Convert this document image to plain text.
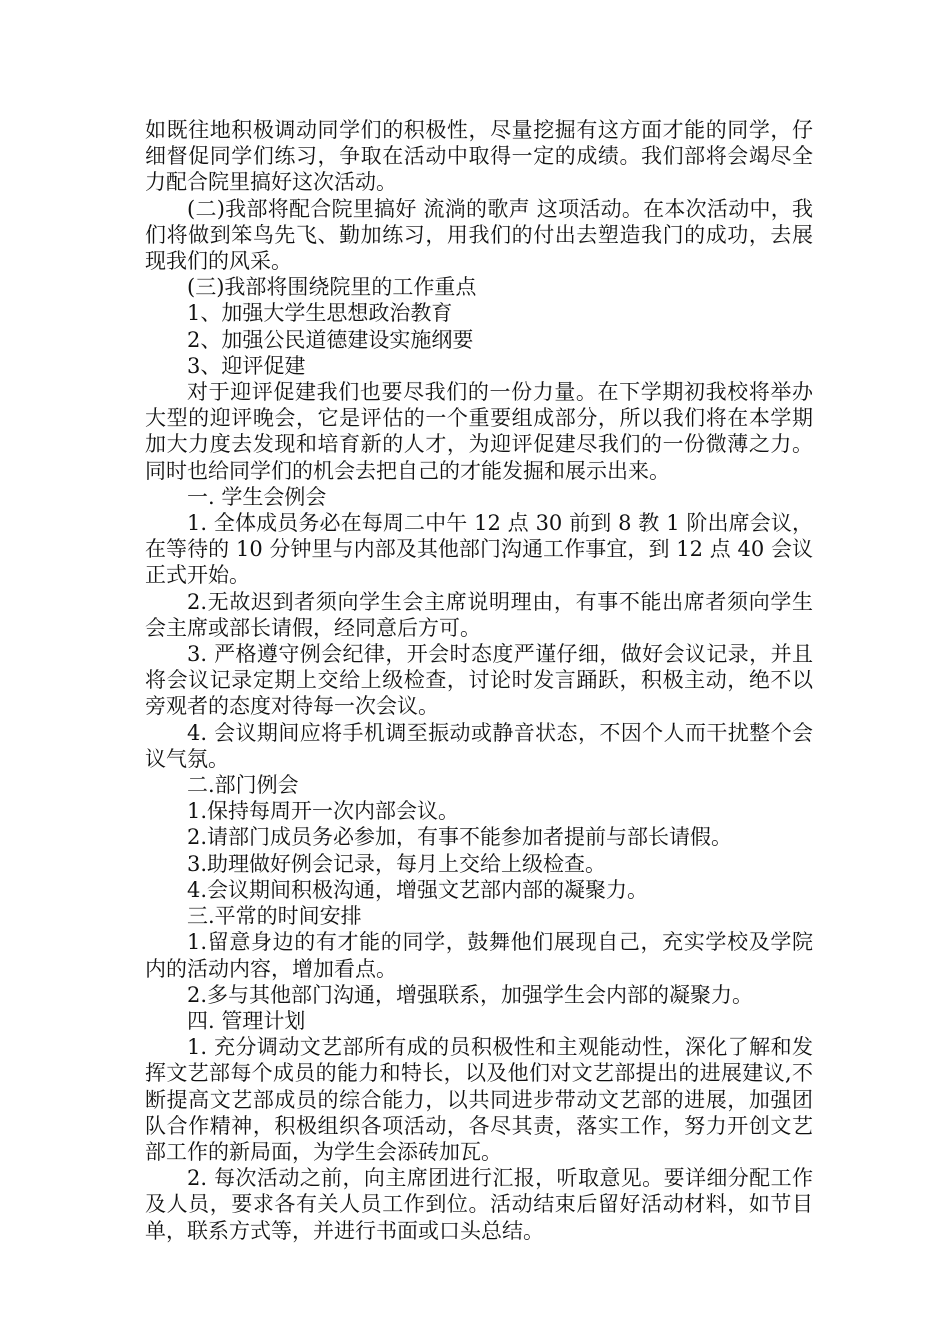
如既往地积极调动同学们的积极性，尽量挖掘有这方面才能的同学，仔细督促同学们练习，争取在活动中取得一定的成绩。我们部将会竭尽全力配合院里搞好这次活动。

(二)我部将配合院里搞好 流淌的歌声 这项活动。在本次活动中，我们将做到笨鸟先飞、勤加练习，用我们的付出去塑造我门的成功，去展现我们的风采。

(三)我部将围绕院里的工作重点

1、加强大学生思想政治教育

2、加强公民道德建设实施纲要

3、迎评促建

对于迎评促建我们也要尽我们的一份力量。在下学期初我校将举办大型的迎评晚会，它是评估的一个重要组成部分，所以我们将在本学期加大力度去发现和培育新的人才，为迎评促建尽我们的一份微薄之力。同时也给同学们的机会去把自己的才能发掘和展示出来。

一. 学生会例会

1. 全体成员务必在每周二中午 12 点 30 前到 8 教 1 阶出席会议，在等待的 10 分钟里与内部及其他部门沟通工作事宜，到 12 点 40 会议正式开始。

2.无故迟到者须向学生会主席说明理由，有事不能出席者须向学生会主席或部长请假，经同意后方可。

3. 严格遵守例会纪律，开会时态度严谨仔细，做好会议记录，并且将会议记录定期上交给上级检查，讨论时发言踊跃，积极主动，绝不以旁观者的态度对待每一次会议。

4. 会议期间应将手机调至振动或静音状态，不因个人而干扰整个会议气氛。

二.部门例会

1.保持每周开一次内部会议。

2.请部门成员务必参加，有事不能参加者提前与部长请假。

3.助理做好例会记录，每月上交给上级检查。

4.会议期间积极沟通，增强文艺部内部的凝聚力。

三.平常的时间安排

1.留意身边的有才能的同学，鼓舞他们展现自己，充实学校及学院内的活动内容，增加看点。

2.多与其他部门沟通，增强联系，加强学生会内部的凝聚力。

四. 管理计划

1. 充分调动文艺部所有成的员积极性和主观能动性，深化了解和发挥文艺部每个成员的能力和特长，以及他们对文艺部提出的进展建议,不断提高文艺部成员的综合能力，以共同进步带动文艺部的进展，加强团队合作精神，积极组织各项活动，各尽其责，落实工作，努力开创文艺部工作的新局面，为学生会添砖加瓦。

2. 每次活动之前，向主席团进行汇报，听取意见。要详细分配工作及人员，要求各有关人员工作到位。活动结束后留好活动材料，如节目单，联系方式等，并进行书面或口头总结。
